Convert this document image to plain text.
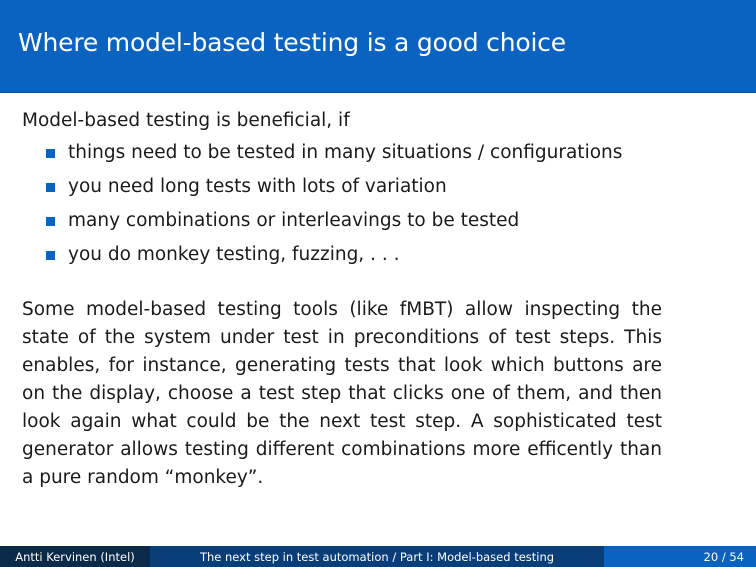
Where model-based testing is a good choice

Model-based testing is beneficial, if

things need to be tested in many situations / configurations
you need long tests with lots of variation
many combinations or interleavings to be tested
you do monkey testing, fuzzing, . . .

Some model-based testing tools (like fMBT) allow inspecting the state of the system under test in preconditions of test steps. This enables, for instance, generating tests that look which buttons are on the display, choose a test step that clicks one of them, and then look again what could be the next test step. A sophisticated test generator allows testing different combinations more efficently than a pure random “monkey”.

Antti Kervinen (Intel)	The next step in test automation / Part I: Model-based testing	20 / 54
